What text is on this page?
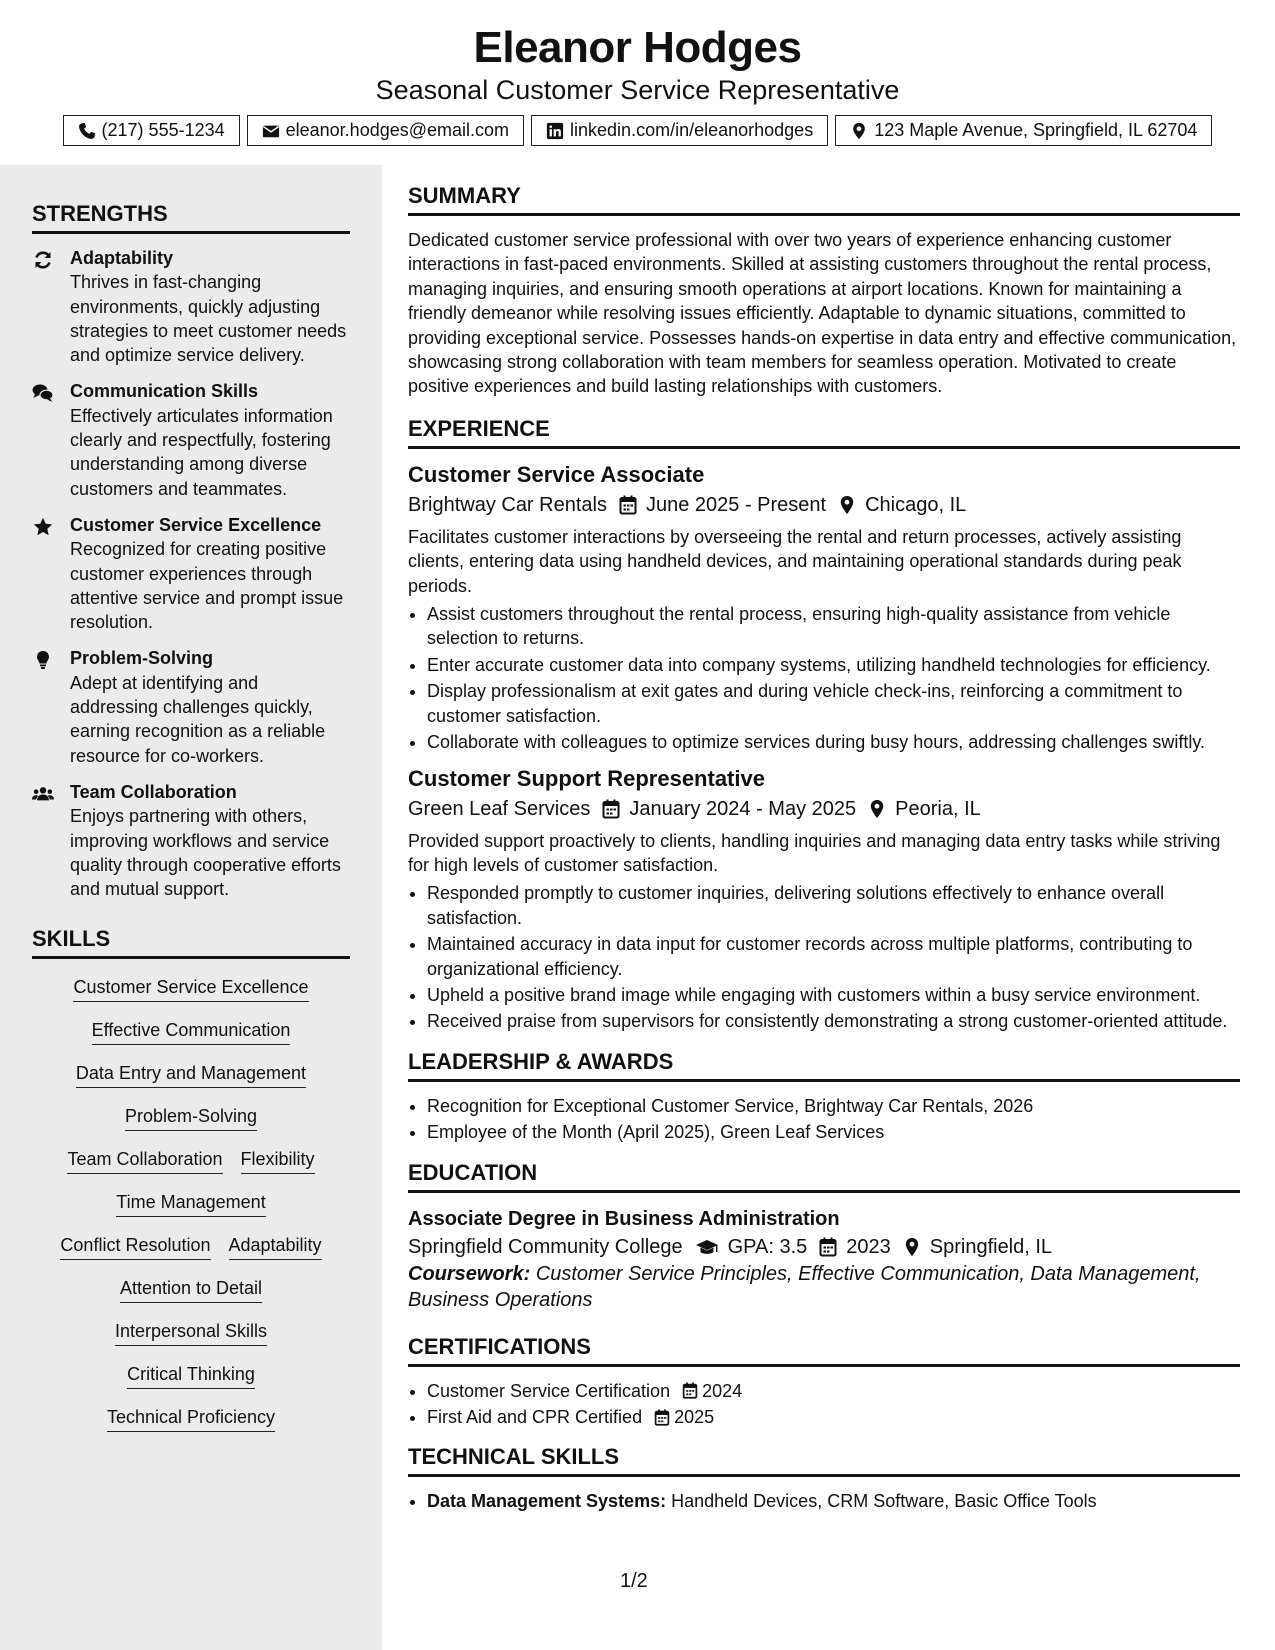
Eleanor Hodges
Seasonal Customer Service Representative
(217) 555-1234	eleanor.hodges@email.com	linkedin.com/in/eleanorhodges	123 Maple Avenue, Springfield, IL 62704
STRENGTHS
Adaptability
Thrives in fast-changing environments, quickly adjusting strategies to meet customer needs and optimize service delivery.
Communication Skills
Effectively articulates information clearly and respectfully, fostering understanding among diverse customers and teammates.
Customer Service Excellence
Recognized for creating positive customer experiences through attentive service and prompt issue resolution.
Problem-Solving
Adept at identifying and addressing challenges quickly, earning recognition as a reliable resource for co-workers.
Team Collaboration
Enjoys partnering with others, improving workflows and service quality through cooperative efforts and mutual support.
SKILLS
Customer Service Excellence
Effective Communication
Data Entry and Management
Problem-Solving
Team Collaboration Flexibility
Time Management
Conflict Resolution Adaptability
Attention to Detail
Interpersonal Skills
Critical Thinking
Technical Proficiency
SUMMARY

Dedicated customer service professional with over two years of experience enhancing customer interactions in fast-paced environments. Skilled at assisting customers throughout the rental process, managing inquiries, and ensuring smooth operations at airport locations. Known for maintaining a friendly demeanor while resolving issues efficiently. Adaptable to dynamic situations, committed to providing exceptional service. Possesses hands-on expertise in data entry and effective communication, showcasing strong collaboration with team members for seamless operation. Motivated to create positive experiences and build lasting relationships with customers.

EXPERIENCE
Customer Service Associate
Brightway Car Rentals June 2025 - Present Chicago, IL

Facilitates customer interactions by overseeing the rental and return processes, actively assisting clients, entering data using handheld devices, and maintaining operational standards during peak periods.

• Assist customers throughout the rental process, ensuring high-quality assistance from vehicle selection to returns.
• Enter accurate customer data into company systems, utilizing handheld technologies for efficiency.
• Display professionalism at exit gates and during vehicle check-ins, reinforcing a commitment to customer satisfaction.
• Collaborate with colleagues to optimize services during busy hours, addressing challenges swiftly.
Customer Support Representative
Green Leaf Services January 2024 - May 2025 Peoria, IL

Provided support proactively to clients, handling inquiries and managing data entry tasks while striving for high levels of customer satisfaction.

• Responded promptly to customer inquiries, delivering solutions effectively to enhance overall satisfaction.
• Maintained accuracy in data input for customer records across multiple platforms, contributing to organizational efficiency.
• Upheld a positive brand image while engaging with customers within a busy service environment.
• Received praise from supervisors for consistently demonstrating a strong customer-oriented attitude.
LEADERSHIP & AWARDS
• Recognition for Exceptional Customer Service, Brightway Car Rentals, 2026
• Employee of the Month (April 2025), Green Leaf Services
EDUCATION
Associate Degree in Business Administration
Springfield Community College GPA: 3.5 2023 Springfield, IL
Coursework: Customer Service Principles, Effective Communication, Data Management, Business Operations
CERTIFICATIONS
• Customer Service Certification 2024
• First Aid and CPR Certified 2025
TECHNICAL SKILLS
• Data Management Systems: Handheld Devices, CRM Software, Basic Office Tools
1/2
